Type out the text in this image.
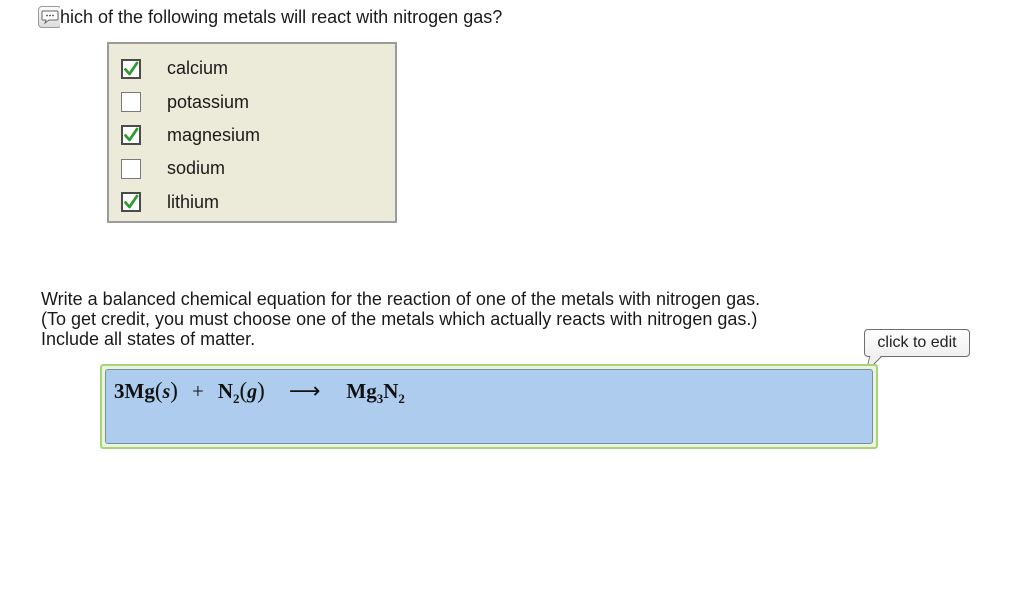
hich of the following metals will react with nitrogen gas?
calcium
potassium
magnesium
sodium
lithium
Write a balanced chemical equation for the reaction of one of the metals with nitrogen gas.
(To get credit, you must choose one of the metals which actually reacts with nitrogen gas.)
Include all states of matter.	click to edit
3Mg ( s ) + N 2 ( g ) ⟶ Mg 3 N 2
